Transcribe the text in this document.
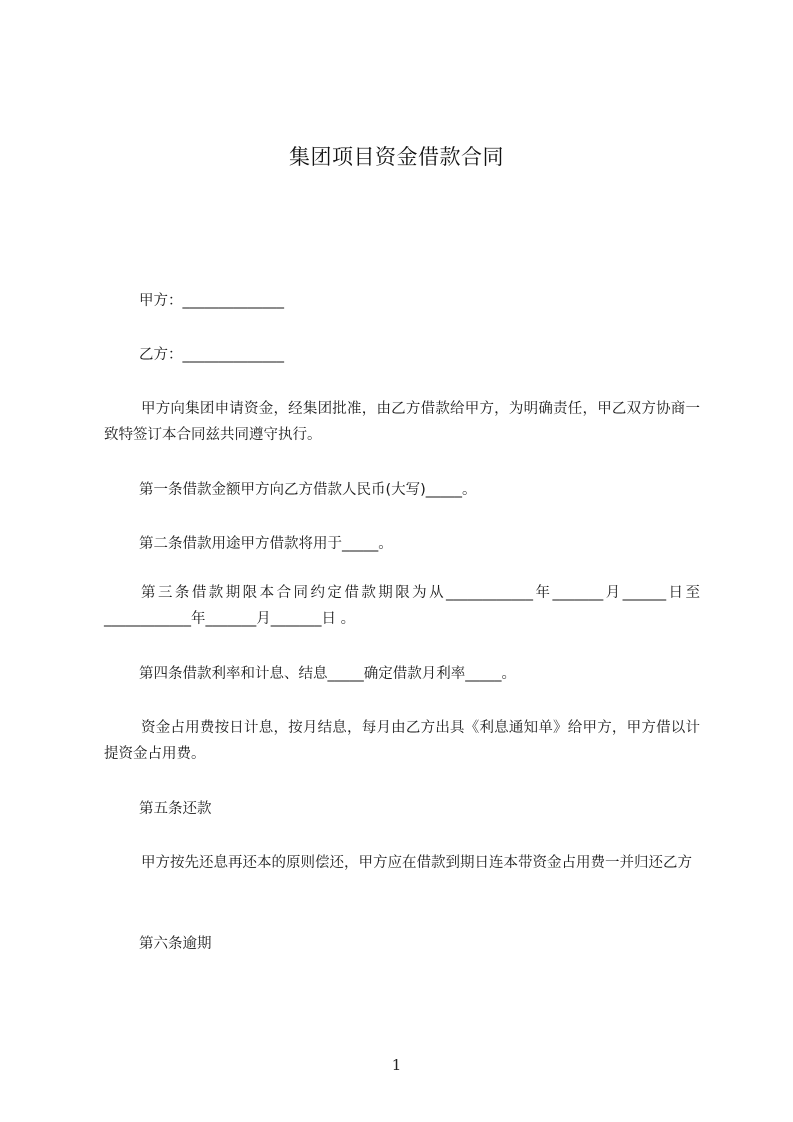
集团项目资金借款合同
甲方：______________
乙方：______________
甲方向集团申请资金，经集团批准，由乙方借款给甲方，为明确责任，甲乙双方协商一致特签订本合同兹共同遵守执行。
第一条借款金额甲方向乙方借款人民币(大写)_____。
第二条借款用途甲方借款将用于_____。
第三条借款期限本合同约定借款期限为从____________年_______月______日至____________年_______月_______日 。
第四条借款利率和计息、结息_____确定借款月利率_____。
资金占用费按日计息，按月结息，每月由乙方出具《利息通知单》给甲方，甲方借以计提资金占用费。
第五条还款
甲方按先还息再还本的原则偿还，甲方应在借款到期日连本带资金占用费一并归还乙方
第六条逾期
1
